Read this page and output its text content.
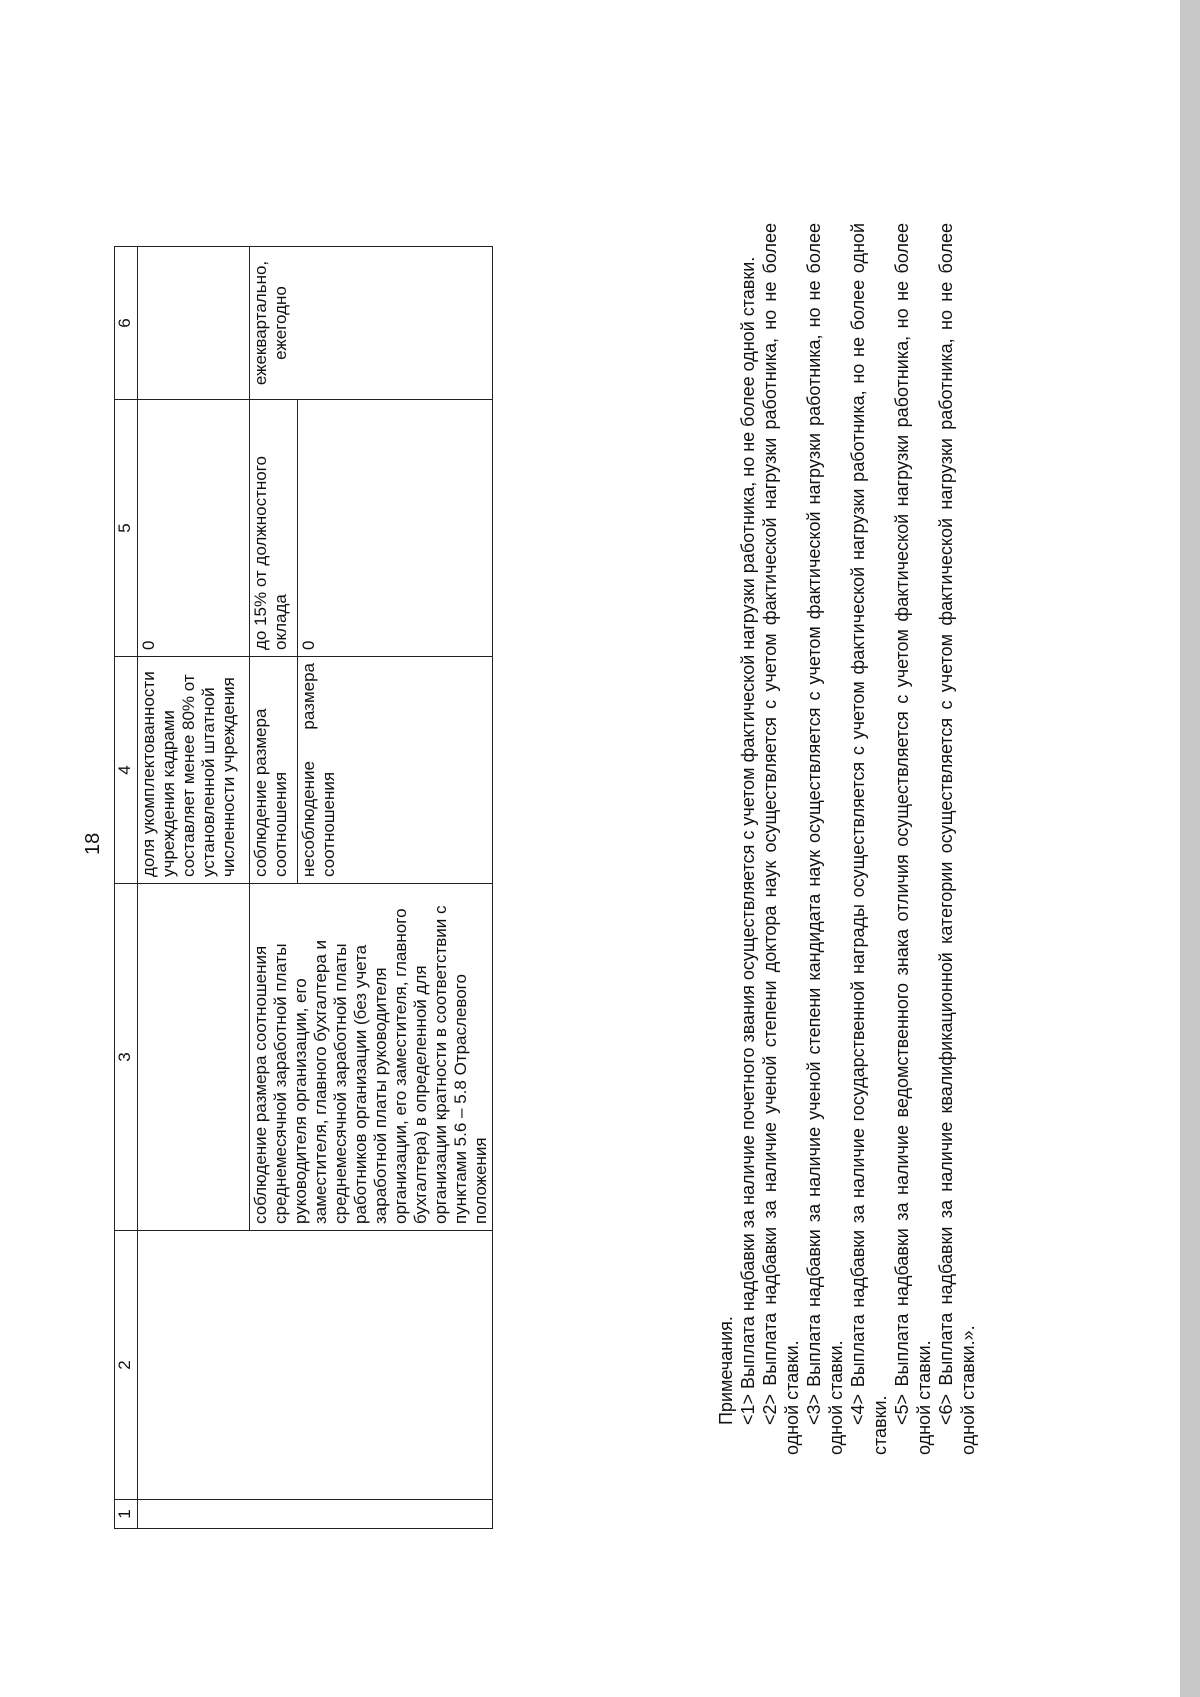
18
1	2	3	4	5	6
			доля укомплектованности учреждения кадрами составляет менее 80% от установленной штатной численности учреждения	0	
		соблюдение размера соотношения среднемесячной заработной платы руководителя организации, его заместителя, главного бухгалтера и среднемесячной заработной платы работников организации (без учета заработной платы руководителя организации, его заместителя, главного бухгалтера) в определенной для организации кратности в соответствии с пунктами 5.6 – 5.8 Отраслевого положения	соблюдение размера соотношения	до 15% от должностного оклада	ежеквартально, ежегодно
			несоблюдение размера соотношения	0	

Примечания. <1> Выплата надбавки за наличие почетного звания осуществляется с учетом фактической нагрузки работника, но не более одной ставки. <2> Выплата надбавки за наличие ученой степени доктора наук осуществляется с учетом фактической нагрузки работника, но не более одной ставки. <3> Выплата надбавки за наличие ученой степени кандидата наук осуществляется с учетом фактической нагрузки работника, но не более одной ставки. <4> Выплата надбавки за наличие государственной награды осуществляется с учетом фактической нагрузки работника, но не более одной ставки.

<5> Выплата надбавки за наличие ведомственного знака отличия осуществляется с учетом фактической нагрузки работника, но не более одной ставки. <6> Выплата надбавки за наличие квалификационной категории осуществляется с учетом фактической нагрузки работника, но не более одной ставки.».
